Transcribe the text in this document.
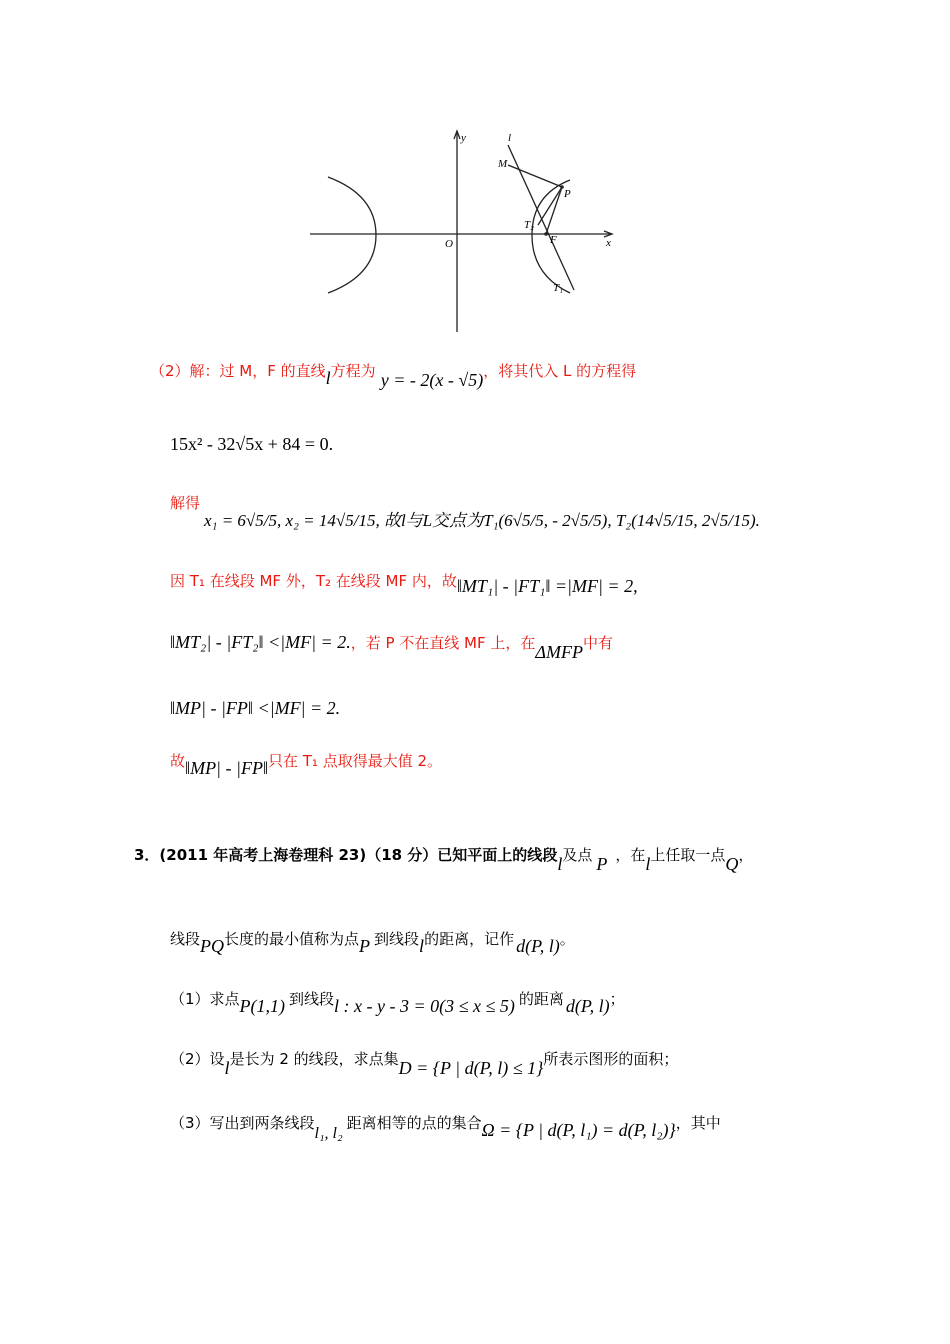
y
x
O
l
M
P
T₂
F
T₁
（2）解：过 M，F 的直线l方程为 y = - 2(x - √5)，将其代入 L 的方程得
15x² - 32√5x + 84 = 0.
解得
x₁ = 6√5/5, x₂ = 14√5/15, 故l与L交点为T₁(6√5/5, - 2√5/5), T₂(14√5/15, 2√5/15).
因 T₁ 在线段 MF 外，T₂ 在线段 MF 内，故‖MT₁| - |FT₁‖ =|MF| = 2,
‖MT₂| - |FT₂‖ <|MF| = 2.，若 P 不在直线 MF 上，在ΔMFP中有
‖MP| - |FP‖ <|MF| = 2.
故‖MP| - |FP‖只在 T₁ 点取得最大值 2。
3．(2011 年高考上海卷理科 23)（18 分）已知平面上的线段l及点 P ，在l上任取一点Q，
线段PQ长度的最小值称为点P 到线段l的距离，记作 d(P, l)。
（1）求点P(1,1) 到线段l : x - y - 3 = 0(3 ≤ x ≤ 5) 的距离 d(P, l)；
（2）设l是长为 2 的线段，求点集D = {P | d(P, l) ≤ 1}所表示图形的面积；
（3）写出到两条线段l₁, l₂距离相等的点的集合Ω = {P | d(P, l₁) = d(P, l₂)}，其中
